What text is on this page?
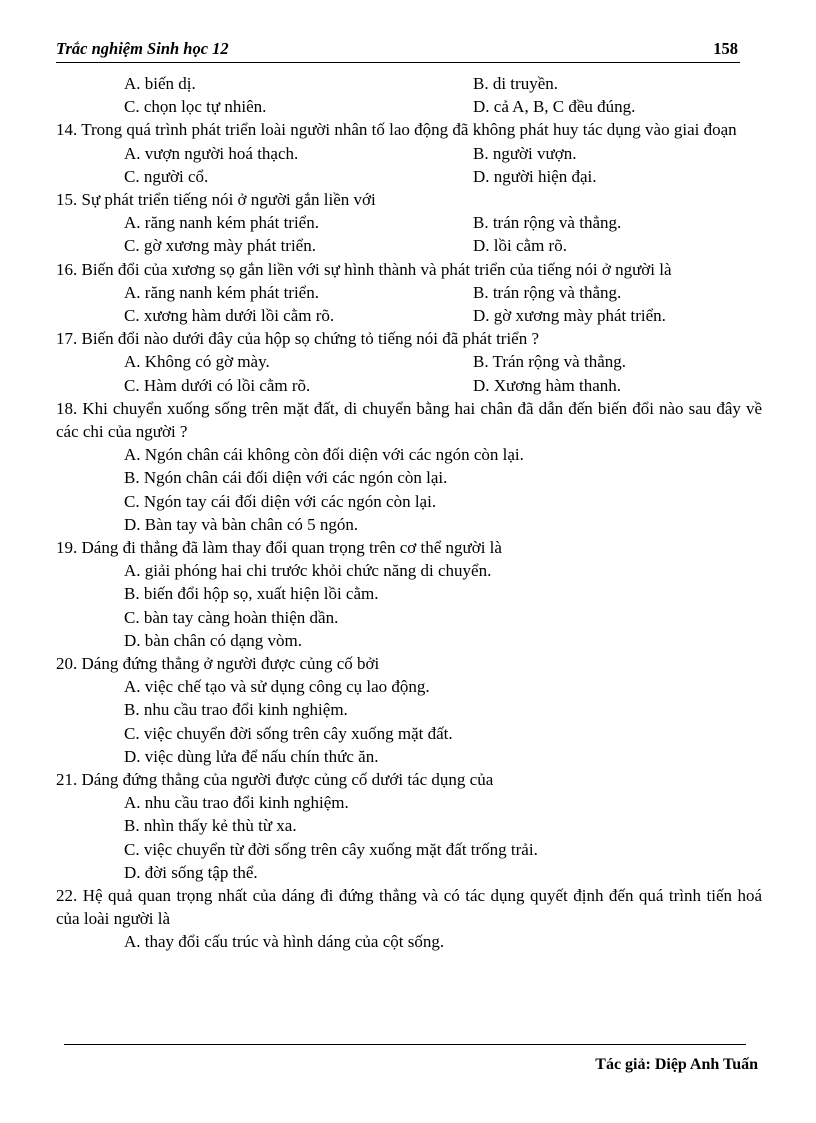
Trắc nghiệm Sinh học 12	158
A. biến dị.	B. di truyền.
C. chọn lọc tự nhiên.	D. cả A, B, C đều đúng.
14. Trong quá trình phát triển loài người nhân tố lao động đã không phát huy tác dụng vào giai đoạn
A. vượn người hoá thạch.	B. người vượn.
C. người cổ.	D. người hiện đại.
15. Sự phát triển tiếng nói ở người gắn liền với
A. răng nanh kém phát triển.	B. trán rộng và thẳng.
C. gờ xương mày phát triển.	D. lồi cằm rõ.
16. Biến đổi của xương sọ gắn liền với sự hình thành và phát triển của tiếng nói ở người là
A. răng nanh kém phát triển.	B. trán rộng và thẳng.
C. xương hàm dưới lồi cằm rõ.	D. gờ xương mày phát triển.
17. Biến đổi nào dưới đây của hộp sọ chứng tỏ tiếng nói đã phát triển ?
A. Không có gờ mày.	B. Trán rộng và thẳng.
C. Hàm dưới có lồi cằm rõ.	D. Xương hàm thanh.
18. Khi chuyển xuống sống trên mặt đất, di chuyển bằng hai chân đã dẫn đến biến đổi nào sau đây về các chi của người ?
A. Ngón chân cái không còn đối diện với các ngón còn lại.
B. Ngón chân cái đối diện với các ngón còn lại.
C. Ngón tay cái đối diện với các ngón còn lại.
D. Bàn tay và bàn chân có 5 ngón.
19. Dáng đi thẳng đã làm thay đổi quan trọng trên cơ thể người là
A. giải phóng hai chi trước khỏi chức năng di chuyển.
B. biến đổi hộp sọ, xuất hiện lồi cằm.
C. bàn tay càng hoàn thiện dần.
D. bàn chân có dạng vòm.
20. Dáng đứng thẳng ở người được củng cố bởi
A. việc chế tạo và sử dụng công cụ lao động.
B. nhu cầu trao đổi kinh nghiệm.
C. việc chuyển đời sống trên cây xuống mặt đất.
D. việc dùng lửa để nấu chín thức ăn.
21. Dáng đứng thẳng của người được củng cố dưới tác dụng của
A. nhu cầu trao đổi kinh nghiệm.
B. nhìn thấy kẻ thù từ xa.
C. việc chuyển từ đời sống trên cây xuống mặt đất trống trải.
D. đời sống tập thể.
22. Hệ quả quan trọng nhất của dáng đi đứng thẳng và có tác dụng quyết định đến quá trình tiến hoá của loài người là
A. thay đổi cấu trúc và hình dáng của cột sống.
Tác giả: Diệp Anh Tuấn
